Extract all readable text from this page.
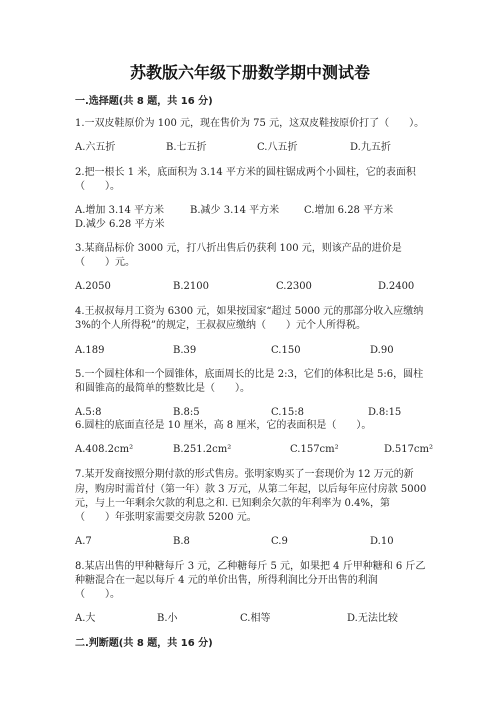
苏教版六年级下册数学期中测试卷
一.选择题(共 8 题，共 16 分)
1.一双皮鞋原价为 100 元，现在售价为 75 元，这双皮鞋按原价打了（　　）。
A.六五折	B.七五折	C.八五折	D.九五折
2.把一根长 1 米，底面积为 3.14 平方米的圆柱锯成两个小圆柱，它的表面积
（　　）。
A.增加 3.14 平方米	B.减少 3.14 平方米 C.增加 6.28 平方米
D.减少 6.28 平方米
3.某商品标价 3000 元，打八折出售后仍获利 100 元，则该产品的进价是
（　　）元。
A.2050	B.2100	C.2300	D.2400
4.王叔叔每月工资为 6300 元，如果按国家“超过 5000 元的那部分收入应缴纳
3%的个人所得税”的规定，王叔叔应缴纳（　　）元个人所得税。
A.189	B.39	C.150	D.90
5.一个圆柱体和一个圆锥体，底面周长的比是 2:3，它们的体积比是 5:6，圆柱
和圆锥高的最简单的整数比是（　　）。
A.5:8	B.8:5	C.15:8	D.8:15
6.圆柱的底面直径是 10 厘米，高 8 厘米，它的表面积是（　　）。
A.408.2cm²	B.251.2cm²	C.157cm²	D.517cm²
7.某开发商按照分期付款的形式售房。张明家购买了一套现价为 12 万元的新
房，购房时需首付（第一年）款 3 万元，从第二年起，以后每年应付房款 5000
元，与上一年剩余欠款的利息之和. 已知剩余欠款的年利率为 0.4%，第
（　　）年张明家需要交房款 5200 元。
A.7	B.8	C.9	D.10
8.某店出售的甲种糖每斤 3 元，乙种糖每斤 5 元，如果把 4 斤甲种糖和 6 斤乙
种糖混合在一起以每斤 4 元的单价出售，所得利润比分开出售的利润
（　　）。
A.大	B.小	C.相等	D.无法比较
二.判断题(共 8 题，共 16 分)
